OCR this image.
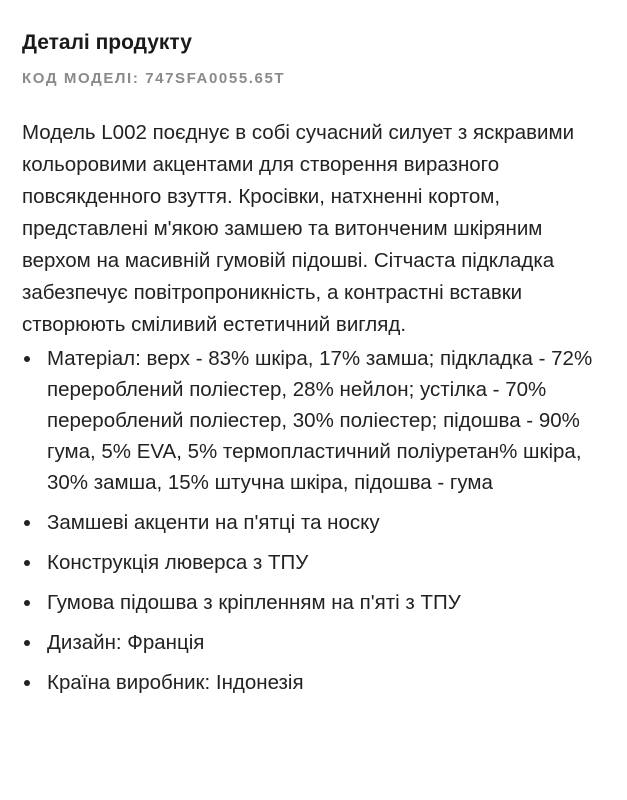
Деталі продукту
КОД МОДЕЛІ: 747SFA0055.65T
Модель L002 поєднує в собі сучасний силует з яскравими кольоровими акцентами для створення виразного повсякденного взуття. Кросівки, натхненні кортом, представлені м'якою замшею та витонченим шкіряним верхом на масивній гумовій підошві. Сітчаста підкладка забезпечує повітропроникність, а контрастні вставки створюють сміливий естетичний вигляд.
Матеріал: верх - 83% шкіра, 17% замша; підкладка - 72% перероблений поліестер, 28% нейлон; устілка - 70% перероблений поліестер, 30% поліестер; підошва - 90% гума, 5% EVA, 5% термопластичний поліуретан% шкіра, 30% замша, 15% штучна шкіра, підошва - гума
Замшеві акценти на п'ятці та носку
Конструкція люверса з ТПУ
Гумова підошва з кріпленням на п'яті з ТПУ
Дизайн: Франція
Країна виробник: Індонезія
